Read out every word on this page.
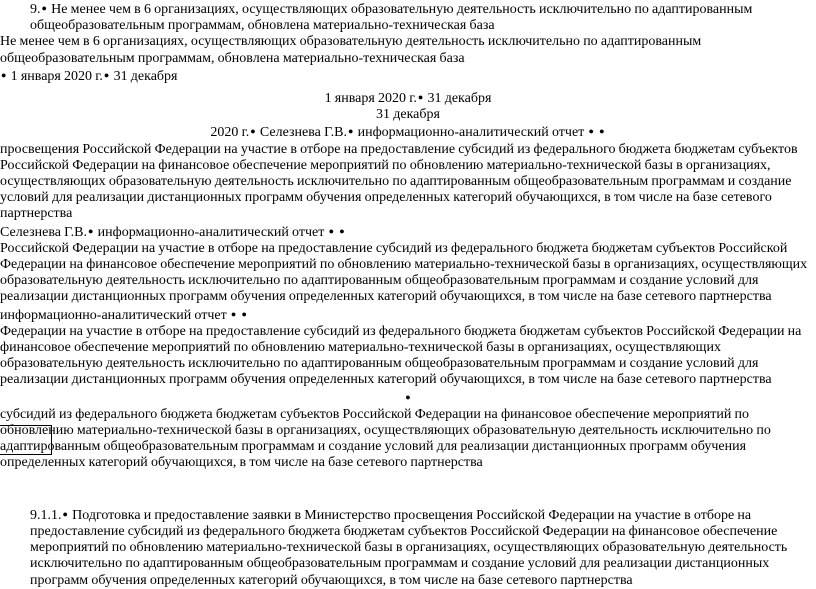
9.● Не менее чем в 6 организациях, осуществляющих образовательную деятельность исключительно по адаптированным общеобразовательным программам, обновлена материально-техническая база

Не менее чем в 6 организациях, осуществляющих образовательную деятельность исключительно по адаптированным общеобразовательным программам, обновлена материально-техническая база

● 1 января 2020 г.● 31 декабря

1 января 2020 г.● 31 декабря

31 декабря

2020 г.● Селезнева Г.В.● информационно-аналитический отчет ● ●

просвещения Российской Федерации на участие в отборе на предоставление субсидий из федерального бюджета бюджетам субъектов Российской Федерации на финансовое обеспечение мероприятий по обновлению материально-технической базы в организациях, осуществляющих образовательную деятельность исключительно по адаптированным общеобразовательным программам и создание условий для реализации дистанционных программ обучения определенных категорий обучающихся, в том числе на базе сетевого партнерства

Селезнева Г.В.● информационно-аналитический отчет ● ●

Российской Федерации на участие в отборе на предоставление субсидий из федерального бюджета бюджетам субъектов Российской Федерации на финансовое обеспечение мероприятий по обновлению материально-технической базы в организациях, осуществляющих образовательную деятельность исключительно по адаптированным общеобразовательным программам и создание условий для реализации дистанционных программ обучения определенных категорий обучающихся, в том числе на базе сетевого партнерства

информационно-аналитический отчет ● ●

Федерации на участие в отборе на предоставление субсидий из федерального бюджета бюджетам субъектов Российской Федерации на финансовое обеспечение мероприятий по обновлению материально-технической базы в организациях, осуществляющих образовательную деятельность исключительно по адаптированным общеобразовательным программам и создание условий для реализации дистанционных программ обучения определенных категорий обучающихся, в том числе на базе сетевого партнерства

●

субсидий из федерального бюджета бюджетам субъектов Российской Федерации на финансовое обеспечение мероприятий по обновлению материально-технической базы в организациях, осуществляющих образовательную деятельность исключительно по адаптированным общеобразовательным программам и создание условий для реализации дистанционных программ обучения определенных категорий обучающихся, в том числе на базе сетевого партнерства

9.1.1.● Подготовка и предоставление заявки в Министерство просвещения Российской Федерации на участие в отборе на предоставление субсидий из федерального бюджета бюджетам субъектов Российской Федерации на финансовое обеспечение мероприятий по обновлению материально-технической базы в организациях, осуществляющих образовательную деятельность исключительно по адаптированным общеобразовательным программам и создание условий для реализации дистанционных программ обучения определенных категорий обучающихся, в том числе на базе сетевого партнерства
